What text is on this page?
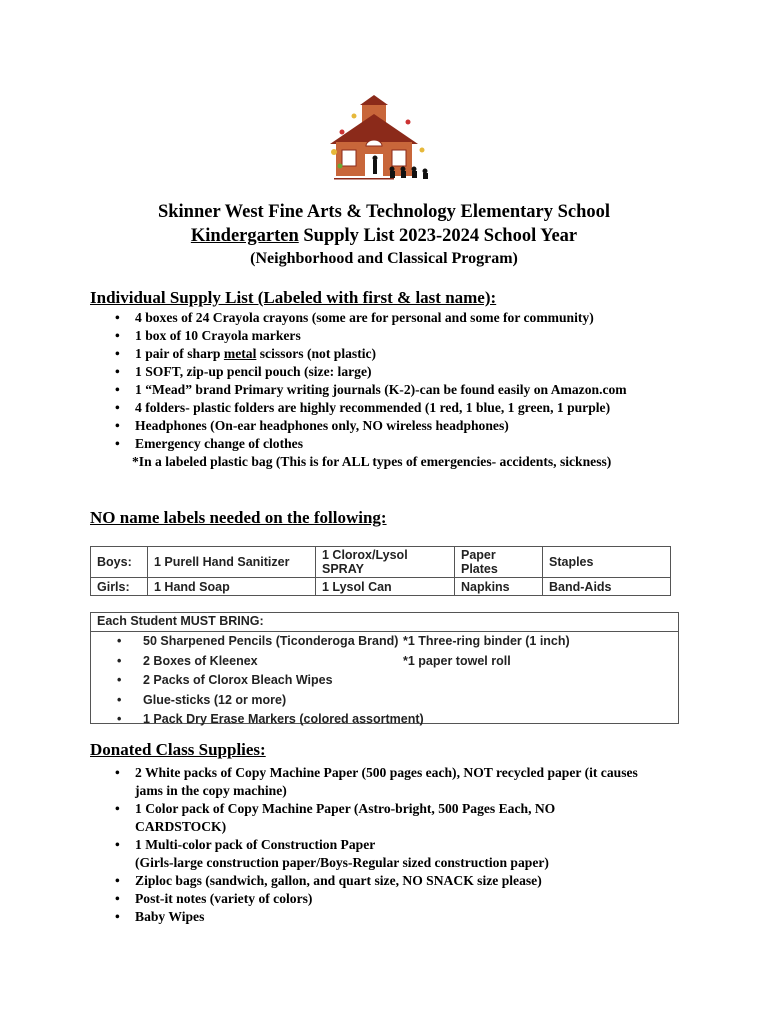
Skinner West Fine Arts & Technology Elementary School
Kindergarten Supply List 2023-2024 School Year
(Neighborhood and Classical Program)
Individual Supply List (Labeled with first & last name):
• 4 boxes of 24 Crayola crayons (some are for personal and some for community)
• 1 box of 10 Crayola markers
• 1 pair of sharp metal scissors (not plastic)
• 1 SOFT, zip-up pencil pouch (size: large)
• 1 “Mead” brand Primary writing journals (K-2)-can be found easily on Amazon.com
• 4 folders- plastic folders are highly recommended (1 red, 1 blue, 1 green, 1 purple)
• Headphones (On-ear headphones only, NO wireless headphones)
• Emergency change of clothes
*In a labeled plastic bag (This is for ALL types of emergencies- accidents, sickness)
NO name labels needed on the following:
Boys:	1 Purell Hand Sanitizer	1 Clorox/Lysol SPRAY	Paper Plates	Staples
Girls:	1 Hand Soap	1 Lysol Can	Napkins	Band-Aids
Each Student MUST BRING:
• 50 Sharpened Pencils (Ticonderoga Brand) *1 Three-ring binder (1 inch)
• 2 Boxes of Kleenex	*1 paper towel roll
• 2 Packs of Clorox Bleach Wipes
• Glue-sticks (12 or more)
• 1 Pack Dry Erase Markers (colored assortment)
Donated Class Supplies:
• 2 White packs of Copy Machine Paper (500 pages each), NOT recycled paper (it causes jams in the copy machine)
• 1 Color pack of Copy Machine Paper (Astro-bright, 500 Pages Each, NO CARDSTOCK)
• 1 Multi-color pack of Construction Paper
(Girls-large construction paper/Boys-Regular sized construction paper)
• Ziploc bags (sandwich, gallon, and quart size, NO SNACK size please)
• Post-it notes (variety of colors)
• Baby Wipes
